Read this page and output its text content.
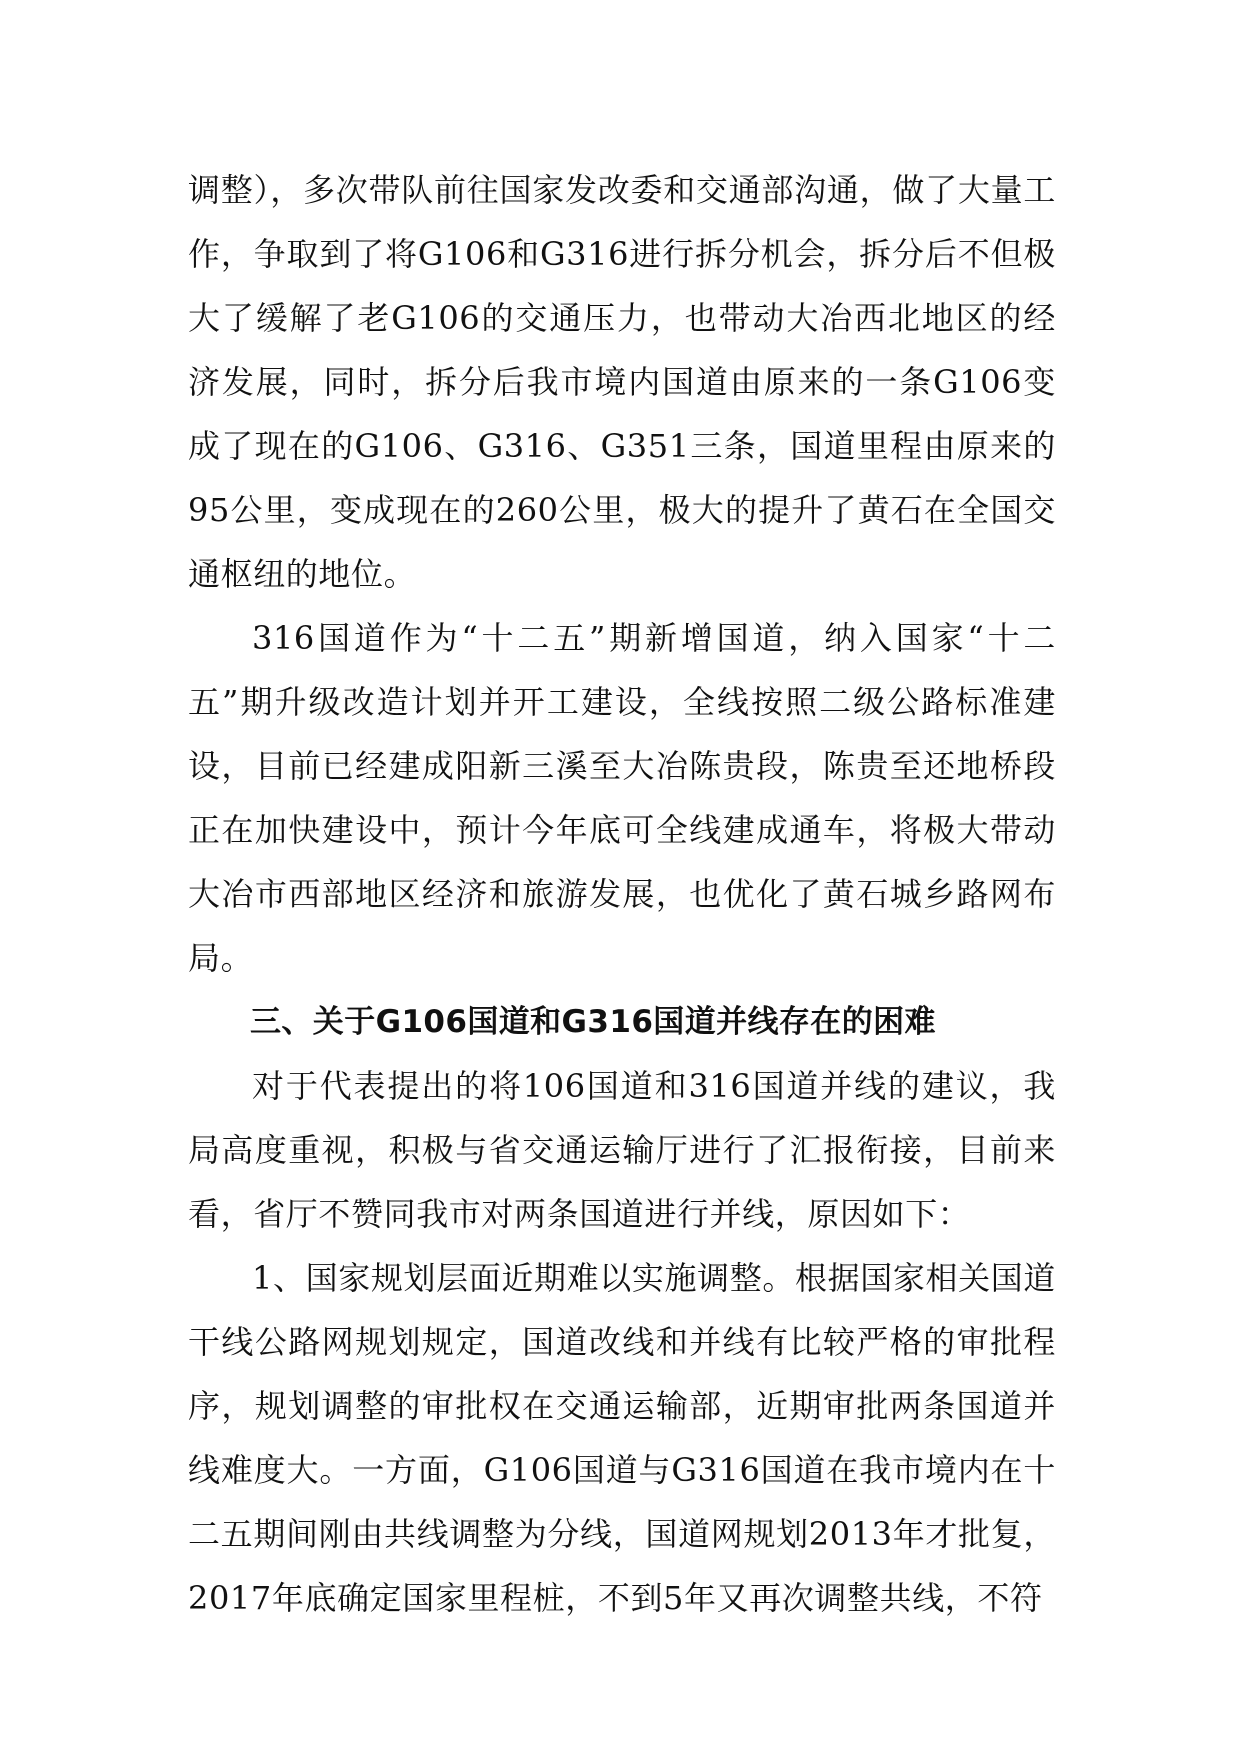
调整），多次带队前往国家发改委和交通部沟通，做了大量工作，争取到了将G106和G316进行拆分机会，拆分后不但极大了缓解了老G106的交通压力，也带动大冶西北地区的经济发展，同时，拆分后我市境内国道由原来的一条G106变成了现在的G106、G316、G351三条，国道里程由原来的95公里，变成现在的260公里，极大的提升了黄石在全国交通枢纽的地位。

316国道作为“十二五”期新增国道，纳入国家“十二五”期升级改造计划并开工建设，全线按照二级公路标准建设，目前已经建成阳新三溪至大冶陈贵段，陈贵至还地桥段正在加快建设中，预计今年底可全线建成通车，将极大带动大冶市西部地区经济和旅游发展，也优化了黄石城乡路网布局。

三、关于G106国道和G316国道并线存在的困难

对于代表提出的将106国道和316国道并线的建议，我局高度重视，积极与省交通运输厅进行了汇报衔接，目前来看，省厅不赞同我市对两条国道进行并线，原因如下：

1、国家规划层面近期难以实施调整。根据国家相关国道干线公路网规划规定，国道改线和并线有比较严格的审批程序，规划调整的审批权在交通运输部，近期审批两条国道并线难度大。一方面，G106国道与G316国道在我市境内在十二五期间刚由共线调整为分线，国道网规划2013年才批复，2017年底确定国家里程桩，不到5年又再次调整共线，不符
